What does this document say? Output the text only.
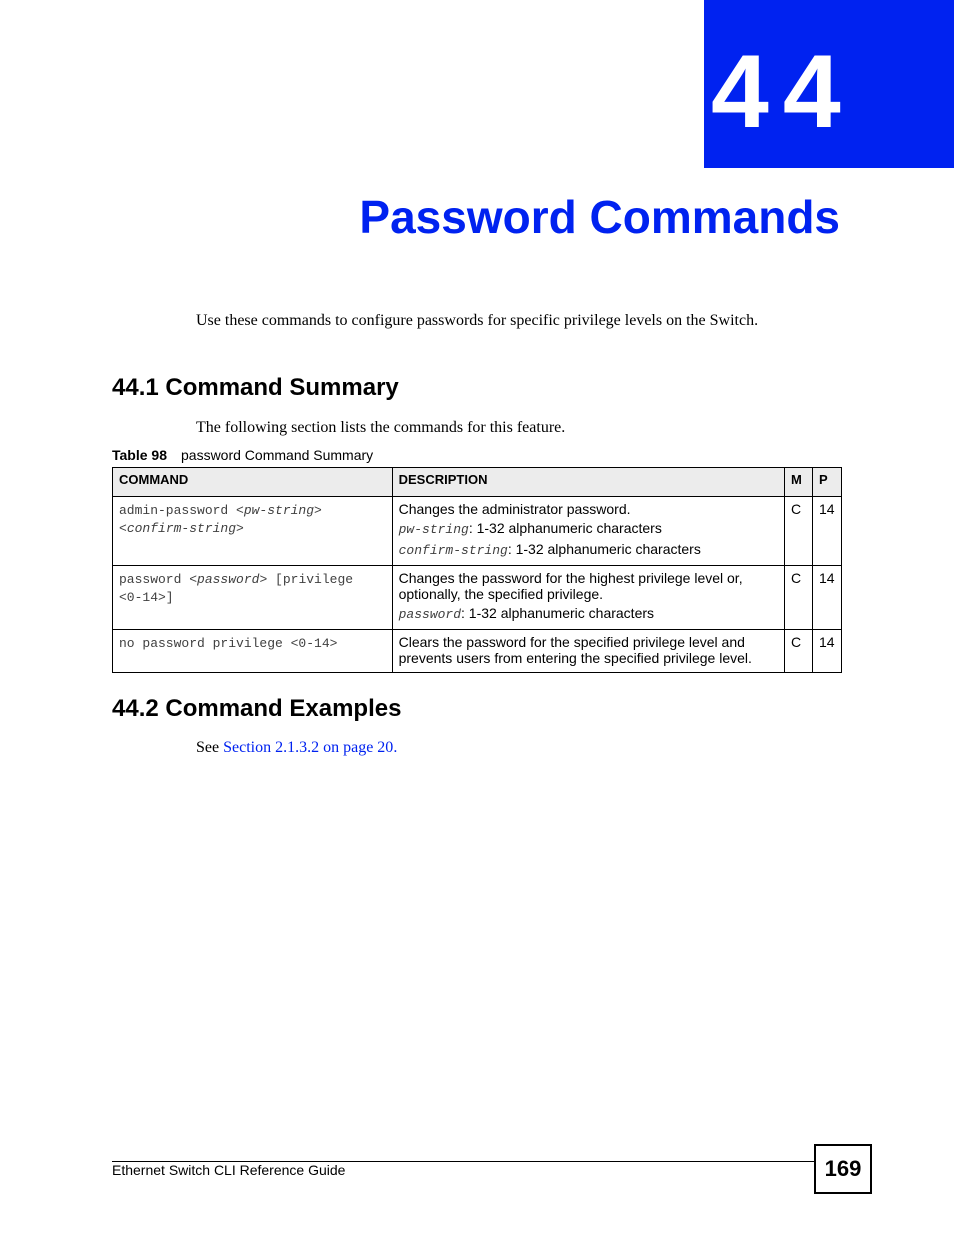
44
Password Commands
Use these commands to configure passwords for specific privilege levels on the Switch.
44.1 Command Summary
The following section lists the commands for this feature.
Table 98 password Command Summary
COMMAND	DESCRIPTION	M	P

admin-password <pw-string>
<confirm-string>	Changes the administrator password.
pw-string: 1-32 alphanumeric characters
confirm-string: 1-32 alphanumeric characters	C	14

password <password> [privilege
<0-14>]	Changes the password for the highest privilege level or, optionally, the specified privilege.
password: 1-32 alphanumeric characters	C	14
no password privilege <0-14>	Clears the password for the specified privilege level and prevents users from entering the specified privilege level.	C	14
44.2 Command Examples
See Section 2.1.3.2 on page 20.
Ethernet Switch CLI Reference Guide	169
